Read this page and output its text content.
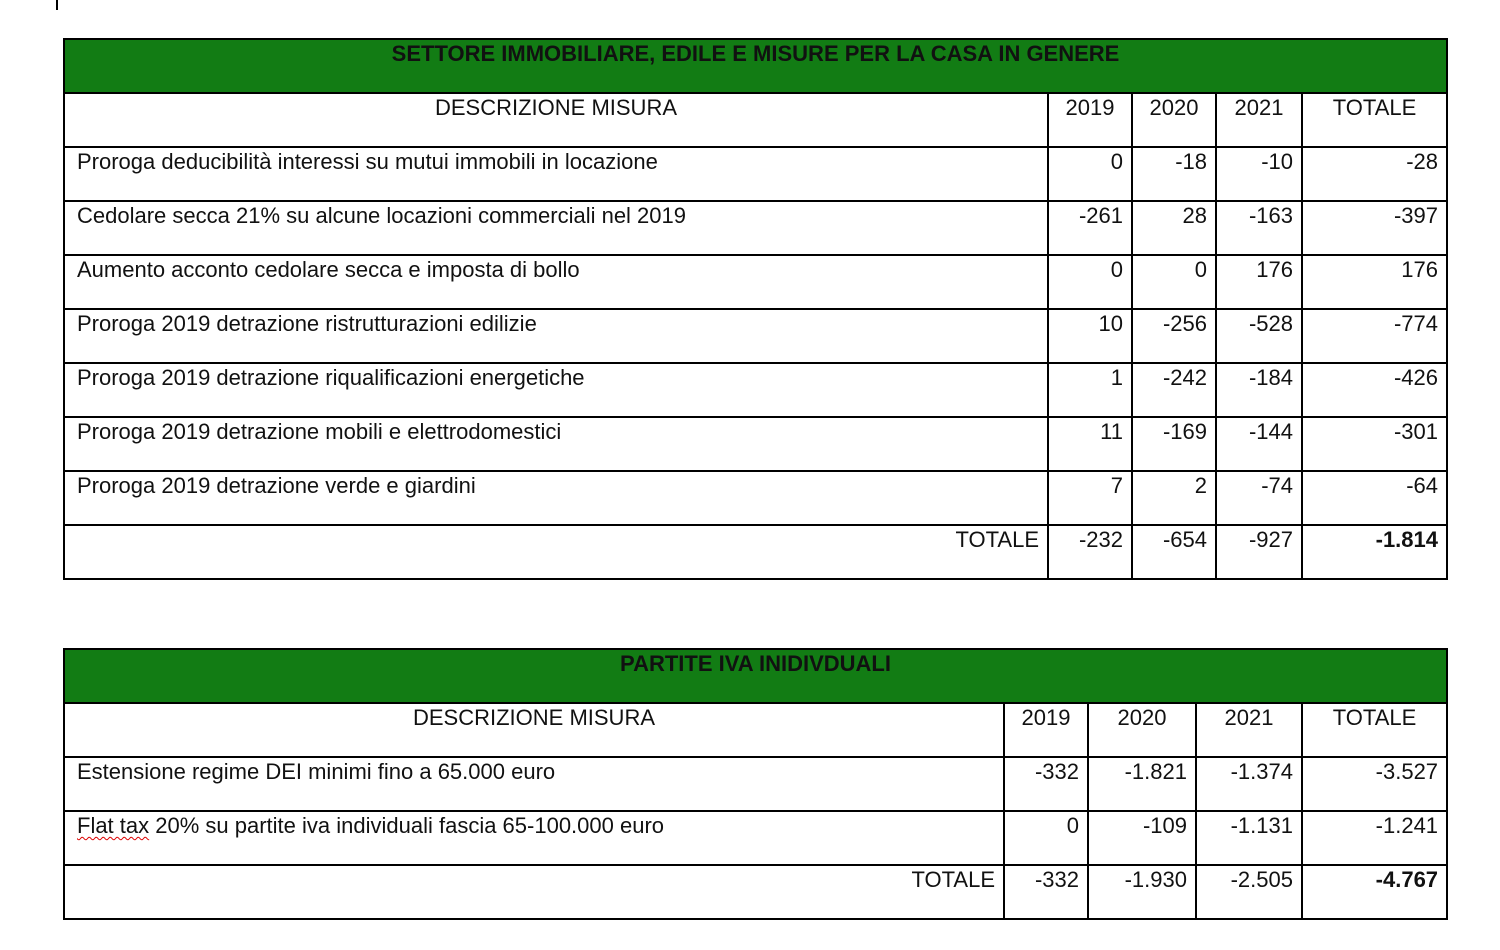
SETTORE IMMOBILIARE, EDILE E MISURE PER LA CASA IN GENERE				

DESCRIZIONE MISURA	2019	2020	2021	TOTALE
Proroga deducibilità interessi su mutui immobili in locazione	0	-18	-10	-28
Cedolare secca 21% su alcune locazioni commerciali nel 2019	-261	28	-163	-397
Aumento acconto cedolare secca e imposta di bollo	0	0	176	176
Proroga 2019 detrazione ristrutturazioni edilizie	10	-256	-528	-774
Proroga 2019 detrazione riqualificazioni energetiche	1	-242	-184	-426
Proroga 2019 detrazione mobili e elettrodomestici	11	-169	-144	-301
Proroga 2019 detrazione verde e giardini	7	2	-74	-64
TOTALE	-232	-654	-927	-1.814
PARTITE IVA INIDIVDUALI				

DESCRIZIONE MISURA	2019	2020	2021	TOTALE
Estensione regime DEI minimi fino a 65.000 euro	-332	-1.821	-1.374	-3.527
Flat tax 20% su partite iva individuali fascia 65-100.000 euro	0	-109	-1.131	-1.241
TOTALE	-332	-1.930	-2.505	-4.767
